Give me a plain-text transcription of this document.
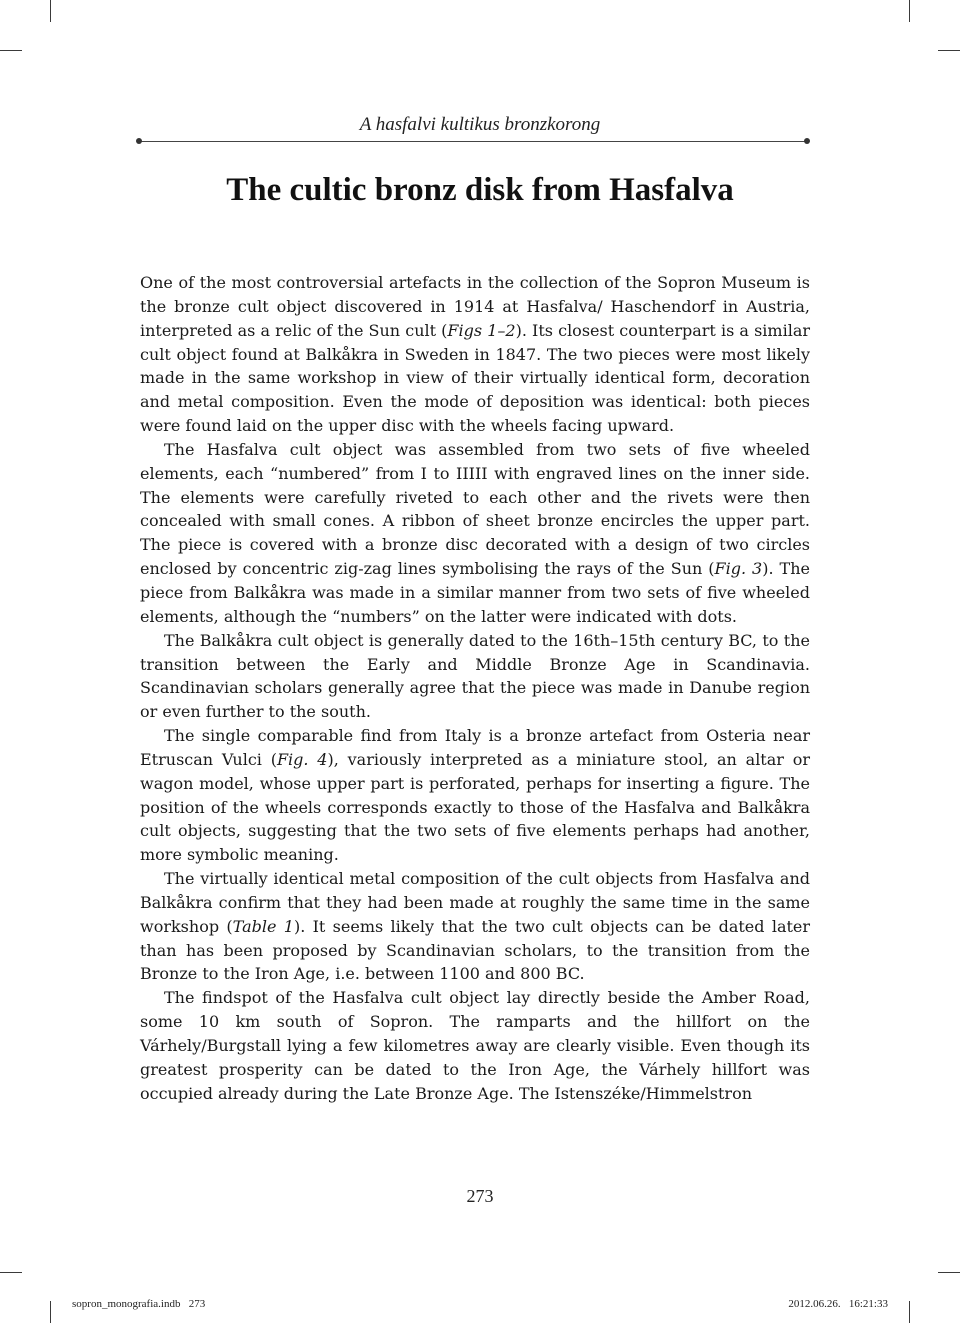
A hasfalvi kultikus bronzkorong
The cultic bronz disk from Hasfalva

One of the most controversial artefacts in the collection of the Sopron Museum is the bronze cult object discovered in 1914 at Hasfalva/ Haschendorf in Austria, interpreted as a relic of the Sun cult (Figs 1–2). Its closest counterpart is a similar cult object found at Balkåkra in Sweden in 1847. The two pieces were most likely made in the same workshop in view of their virtually identical form, decoration and metal composition. Even the mode of deposition was identical: both pieces were found laid on the upper disc with the wheels facing upward.

The Hasfalva cult object was assembled from two sets of five wheeled elements, each “numbered” from I to IIIII with engraved lines on the inner side. The elements were carefully riveted to each other and the rivets were then concealed with small cones. A ribbon of sheet bronze encircles the upper part. The piece is covered with a bronze disc decorated with a design of two circles enclosed by concentric zig-zag lines symbolising the rays of the Sun (Fig. 3). The piece from Balkåkra was made in a similar manner from two sets of five wheeled elements, although the “numbers” on the latter were indicated with dots.

The Balkåkra cult object is generally dated to the 16th–15th century BC, to the transition between the Early and Middle Bronze Age in Scandinavia. Scandinavian scholars generally agree that the piece was made in Danube region or even further to the south.

The single comparable find from Italy is a bronze artefact from Osteria near Etruscan Vulci (Fig. 4), variously interpreted as a miniature stool, an altar or wagon model, whose upper part is perforated, perhaps for inserting a figure. The position of the wheels corresponds exactly to those of the Hasfalva and Balkåkra cult objects, suggesting that the two sets of five elements perhaps had another, more symbolic meaning.

The virtually identical metal composition of the cult objects from Hasfalva and Balkåkra confirm that they had been made at roughly the same time in the same workshop (Table 1). It seems likely that the two cult objects can be dated later than has been proposed by Scandinavian scholars, to the transition from the Bronze to the Iron Age, i.e. between 1100 and 800 BC.

The findspot of the Hasfalva cult object lay directly beside the Amber Road, some 10 km south of Sopron. The ramparts and the hillfort on the Várhely/Burgstall lying a few kilometres away are clearly visible. Even though its greatest prosperity can be dated to the Iron Age, the Várhely hillfort was occupied already during the Late Bronze Age. The Istenszéke/Himmelstron

273
sopron_monografia.indb   273	2012.06.26.   16:21:33
